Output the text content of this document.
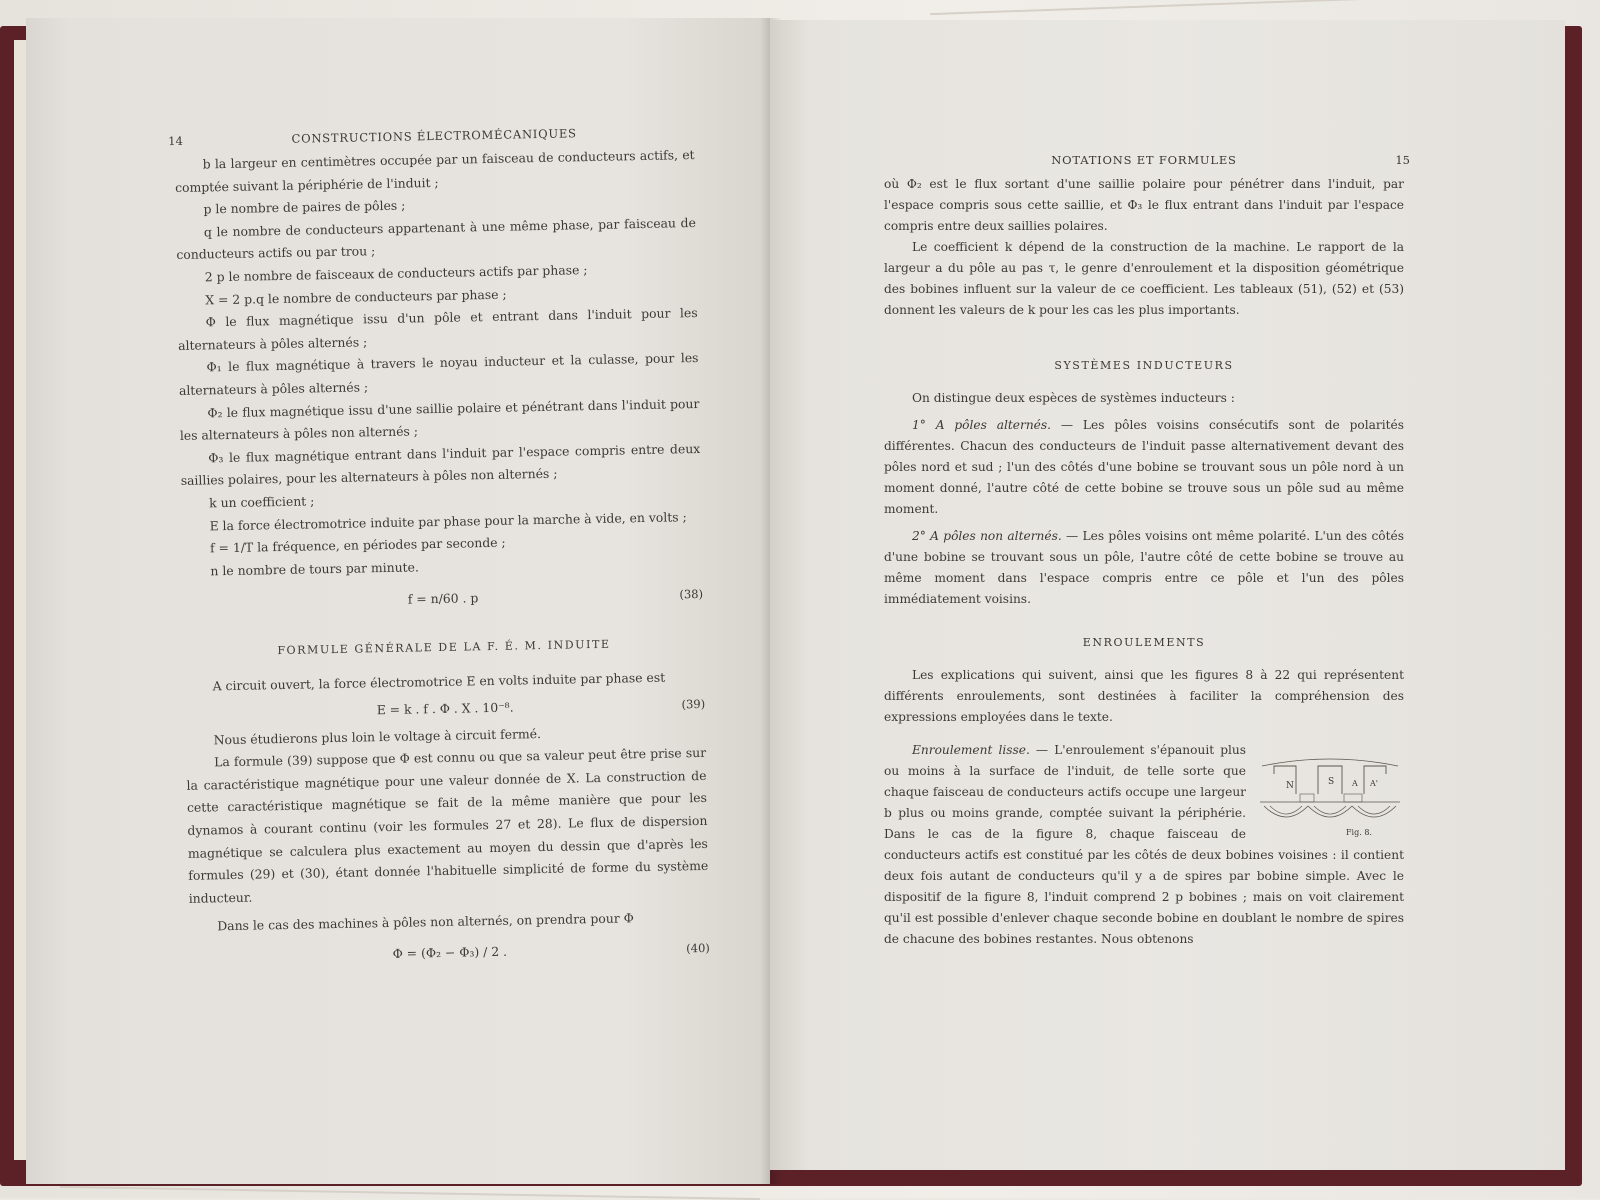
14	CONSTRUCTIONS ÉLECTROMÉCANIQUES

b la largeur en centimètres occupée par un faisceau de conducteurs actifs, et comptée suivant la périphérie de l'induit ;

p le nombre de paires de pôles ;

q le nombre de conducteurs appartenant à une même phase, par faisceau de conducteurs actifs ou par trou ;

2 p le nombre de faisceaux de conducteurs actifs par phase ;

X = 2 p.q le nombre de conducteurs par phase ;

Φ le flux magnétique issu d'un pôle et entrant dans l'induit pour les alternateurs à pôles alternés ;

Φ₁ le flux magnétique à travers le noyau inducteur et la culasse, pour les alternateurs à pôles alternés ;

Φ₂ le flux magnétique issu d'une saillie polaire et pénétrant dans l'induit pour les alternateurs à pôles non alternés ;

Φ₃ le flux magnétique entrant dans l'induit par l'espace compris entre deux saillies polaires, pour les alternateurs à pôles non alternés ;

k un coefficient ;

E la force électromotrice induite par phase pour la marche à vide, en volts ;

f = 1/T la fréquence, en périodes par seconde ;

n le nombre de tours par minute.

f = n/60 . p	(38)
FORMULE GÉNÉRALE DE LA F. É. M. INDUITE

A circuit ouvert, la force électromotrice E en volts induite par phase est

E = k . f . Φ . X . 10⁻⁸.	(39)

Nous étudierons plus loin le voltage à circuit fermé.

La formule (39) suppose que Φ est connu ou que sa valeur peut être prise sur la caractéristique magnétique pour une valeur donnée de X. La construction de cette caractéristique magnétique se fait de la même manière que pour les dynamos à courant continu (voir les formules 27 et 28). Le flux de dispersion magnétique se calculera plus exactement au moyen du dessin que d'après les formules (29) et (30), étant donnée l'habituelle simplicité de forme du système inducteur.

Dans le cas des machines à pôles non alternés, on prendra pour Φ

Φ = (Φ₂ − Φ₃) / 2 .	(40)
NOTATIONS ET FORMULES	15

où Φ₂ est le flux sortant d'une saillie polaire pour pénétrer dans l'induit, par l'espace compris sous cette saillie, et Φ₃ le flux entrant dans l'induit par l'espace compris entre deux saillies polaires.

Le coefficient k dépend de la construction de la machine. Le rapport de la largeur a du pôle au pas τ, le genre d'enroulement et la disposition géométrique des bobines influent sur la valeur de ce coefficient. Les tableaux (51), (52) et (53) donnent les valeurs de k pour les cas les plus importants.

SYSTÈMES INDUCTEURS

On distingue deux espèces de systèmes inducteurs :

1° A pôles alternés. — Les pôles voisins consécutifs sont de polarités différentes. Chacun des conducteurs de l'induit passe alternativement devant des pôles nord et sud ; l'un des côtés d'une bobine se trouvant sous un pôle nord à un moment donné, l'autre côté de cette bobine se trouve sous un pôle sud au même moment.

2° A pôles non alternés. — Les pôles voisins ont même polarité. L'un des côtés d'une bobine se trouvant sous un pôle, l'autre côté de cette bobine se trouve au même moment dans l'espace compris entre ce pôle et l'un des pôles immédiatement voisins.

ENROULEMENTS

Les explications qui suivent, ainsi que les figures 8 à 22 qui représentent différents enroulements, sont destinées à faciliter la compréhension des expressions employées dans le texte.

N	S A A'
Fig. 8.
Enroulement lisse. — L'enroulement s'épanouit plus ou moins à la surface de l'induit, de telle sorte que chaque faisceau de conducteurs actifs occupe une largeur b plus ou moins grande, comptée suivant la périphérie. Dans le cas de la figure 8, chaque faisceau de conducteurs actifs est constitué par les côtés de deux bobines voisines : il contient deux fois autant de conducteurs qu'il y a de spires par bobine simple. Avec le dispositif de la figure 8, l'induit comprend 2 p bobines ; mais on voit clairement qu'il est possible d'enlever chaque seconde bobine en doublant le nombre de spires de chacune des bobines restantes. Nous obtenons
